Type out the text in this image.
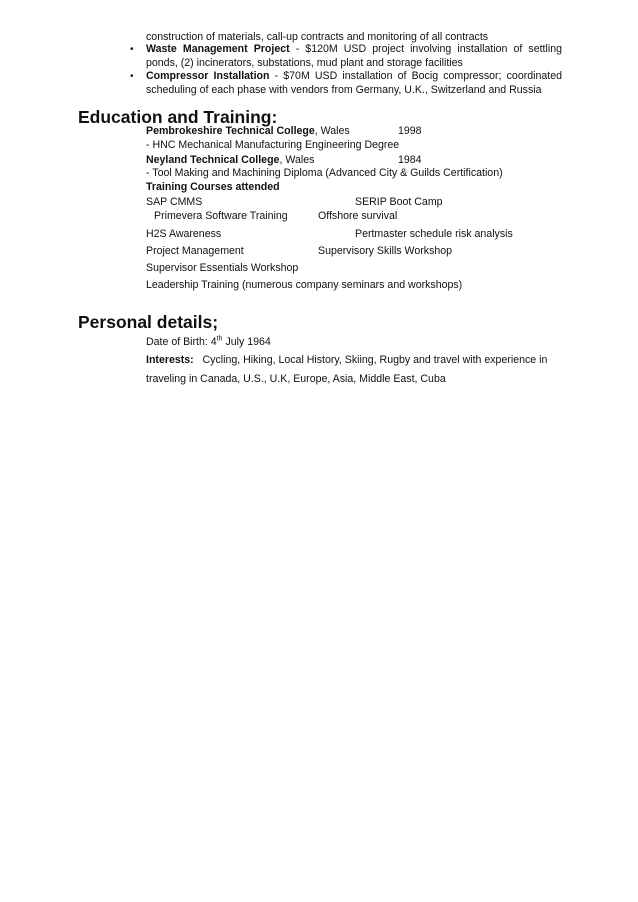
construction of materials, call-up contracts and monitoring of all contracts
• Waste Management Project - $120M USD project involving installation of settling ponds, (2) incinerators, substations, mud plant and storage facilities
• Compressor Installation - $70M USD installation of Bocig compressor; coordinated scheduling of each phase with vendors from Germany, U.K., Switzerland and Russia
Education and Training:
Pembrokeshire Technical College, Wales	1998
- HNC Mechanical Manufacturing Engineering Degree
Neyland Technical College, Wales	1984
- Tool Making and Machining Diploma (Advanced City & Guilds Certification)
Training Courses attended
SAP CMMS	SERIP Boot Camp
Primevera Software Training	Offshore survival
H2S Awareness	Pertmaster schedule risk analysis
Project Management	Supervisory Skills Workshop
Supervisor Essentials Workshop
Leadership Training (numerous company seminars and workshops)
Personal details;
Date of Birth: 4th July 1964
Interests: Cycling, Hiking, Local History, Skiing, Rugby and travel with experience in
traveling in Canada, U.S., U.K, Europe, Asia, Middle East, Cuba
